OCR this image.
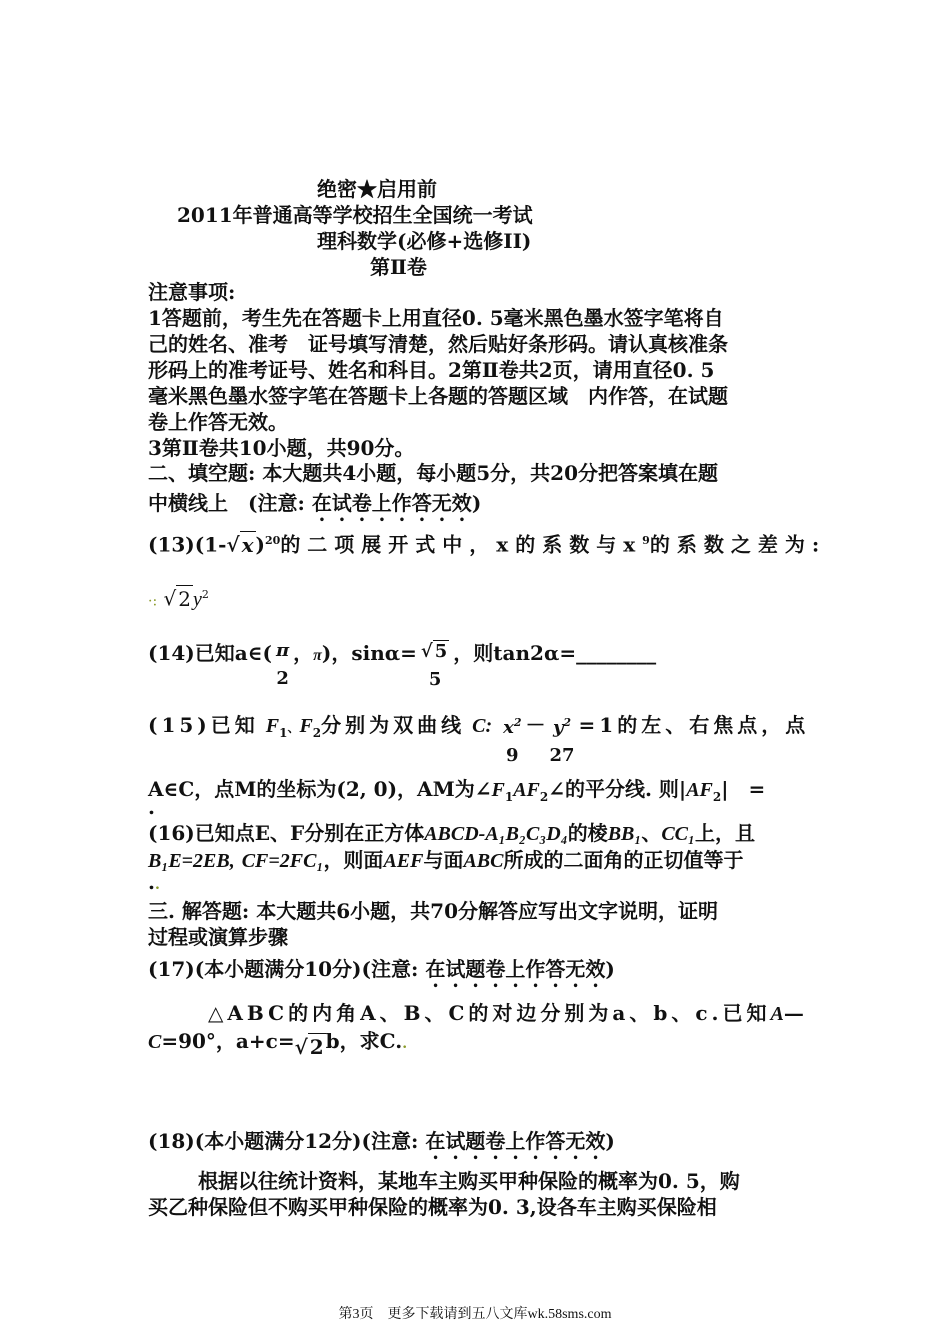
绝密★启用前
2011年普通高等学校招生全国统一考试
理科数学(必修+选修II)
第Ⅱ卷
注意事项:
1答题前，考生先在答题卡上用直径0. 5毫米黑色墨水签字笔将自
己的姓名、准考　证号填写清楚，然后贴好条形码。请认真核准条
形码上的准考证号、姓名和科目。2第Ⅱ卷共2页，请用直径0. 5
毫米黑色墨水签字笔在答题卡上各题的答题区域　内作答，在试题
卷上作答无效。
3第Ⅱ卷共10小题，共90分。
二、填空题: 本大题共4小题，每小题5分，共20分把答案填在题
中横线上　(注意: 在试卷上作答无效)
(13)(1-√ x )$^{20}$的二项展开式中，x的系数与$x^9$的系数之差为:
·: √ 2 $y^2$
(14)已知a∈( π
2
，π)，sinα= √ 5
5
，则tan2α=________
(15)已知 $F_1$、$F_2$分别为双曲线 C: $x^2$
9
－ $y^2$
27
=1的左、右焦点，点
A∈C，点M的坐标为(2, 0)，AM为$\angle F_1AF_2\angle$的平分线. 则$|AF_2|$　=
.
(16)已知点E、F分别在正方体ABCD-A₁B₂C₃D₄的棱BB₁、CC₁上，且
B₁E=2EB, CF=2FC₁，则面AEF与面ABC所成的二面角的正切值等于
..
三. 解答题: 本大题共6小题，共70分解答应写出文字说明，证明
过程或演算步骤
(17)(本小题满分10分)(注意: 在试题卷上作答无效)
△ABC的内角A、B、C的对边分别为a、b、c.已知A—
C=90°，a+c=√ 2 b，求C..
(18)(本小题满分12分)(注意: 在试题卷上作答无效)
根据以往统计资料，某地车主购买甲种保险的概率为0. 5，购
买乙种保险但不购买甲种保险的概率为0. 3,设各车主购买保险相
第3页　更多下载请到五八文库wk.58sms.com
